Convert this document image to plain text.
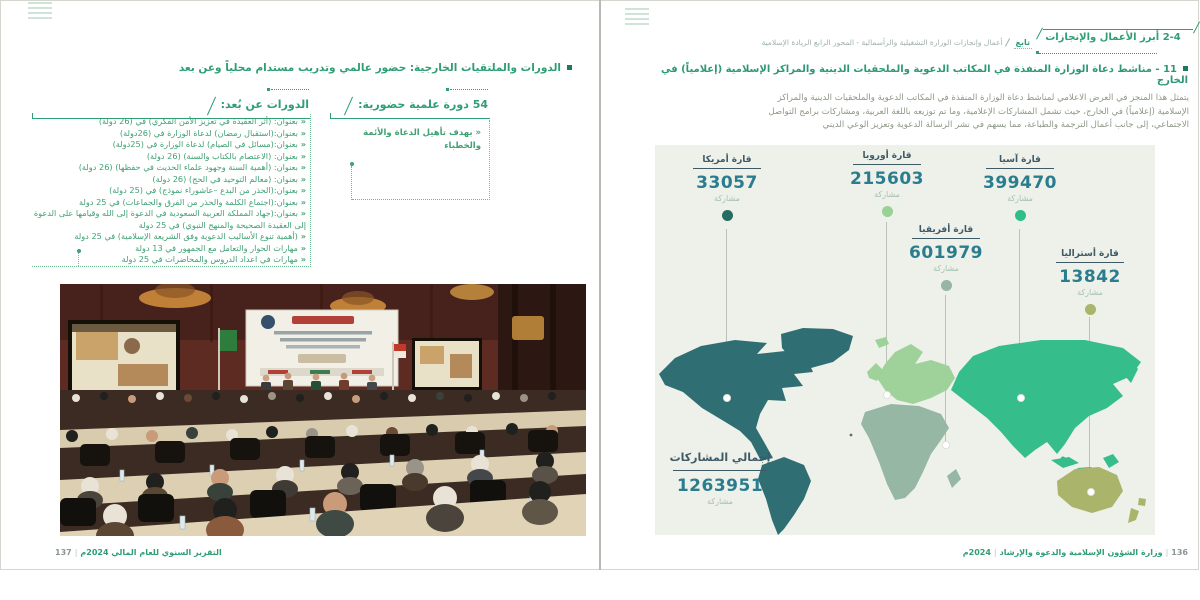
الدورات والملتقيات الخارجية: حضور عالمي وتدريب مستدام محلياً وعن بعد
54 دورة علمية حضورية:
الدورات عن بُعد:
« بهدف تأهيل الدعاة والأئمة والخطباء
« بعنوان: (أثر العقيدة في تعزيز الأمن الفكري) في (26 دولة)
« بعنوان:(استقبال رمضان) لدعاة الوزارة في (26دولة)
« بعنوان:(مسائل في الصيام) لدعاة الوزارة في (25دولة)
« بعنوان: (الاعتصام بالكتاب والسنة) (26 دولة)
« بعنوان: (أهمية السنة وجهود علماء الحديث في حفظها) (26 دولة)
« بعنوان: (معالم التوحيد في الحج) (26 دولة)
« بعنوان:(الحذر من البدع –عاشوراء نموذج) في (25 دولة)
« بعنوان:(اجتماع الكلمة والحذر من الفرق والجماعات) في 25 دولة
« بعنوان:(جهاد المملكة العربية السعودية في الدعوة إلى الله وقيامها على الدعوة إلى العقيدة الصحيحة والمنهج النبوي) في 25 دولة
« (أهمية تنوع الأساليب الدعوية وفق الشريعة الإسلامية) في 25 دولة
« مهارات الحوار والتعامل مع الجمهور في 13 دولة
« مهارات في اعداد الدروس والمحاضرات في 25 دولة
التقرير السنوي للعام المالي 2024م|137
2-4 أبرز الأعمال والإنجازات
تابعأعمال وإنجازات الوزارة التشغيلية والرأسمالية - المحور الرابع الريادة الإسلامية
11 - مناشط دعاة الوزارة المنفذة في المكاتب الدعوية والملحقيات الدينية والمراكز الإسلامية (إعلامياً) في الخارج
يتمثل هذا المنجز في العرض الاعلامي لمناشط دعاة الوزارة المنفذة في المكاتب الدعوية والملحقيات الدينية والمراكز الإسلامية (إعلامياً) في الخارج، حيث تشمل المشاركات الإعلامية، وما تم توزيعه باللغة العربية، ومشاركات برامج التواصل الاجتماعي، إلى جانب أعمال الترجمة والطباعة، مما يسهم في نشر الرسالة الدعوية وتعزيز الوعي الديني
قارة أمريكا
33057
مشاركة
قارة أوروبا
215603
مشاركة
قارة آسيا
399470
مشاركة
قارة أفريقيا
601979
مشاركة
قارة أستراليا
13842
مشاركة
إجمالي المشاركات
1263951
مشاركة
136|وزارة الشؤون الإسلامية والدعوة والإرشاد|2024م
